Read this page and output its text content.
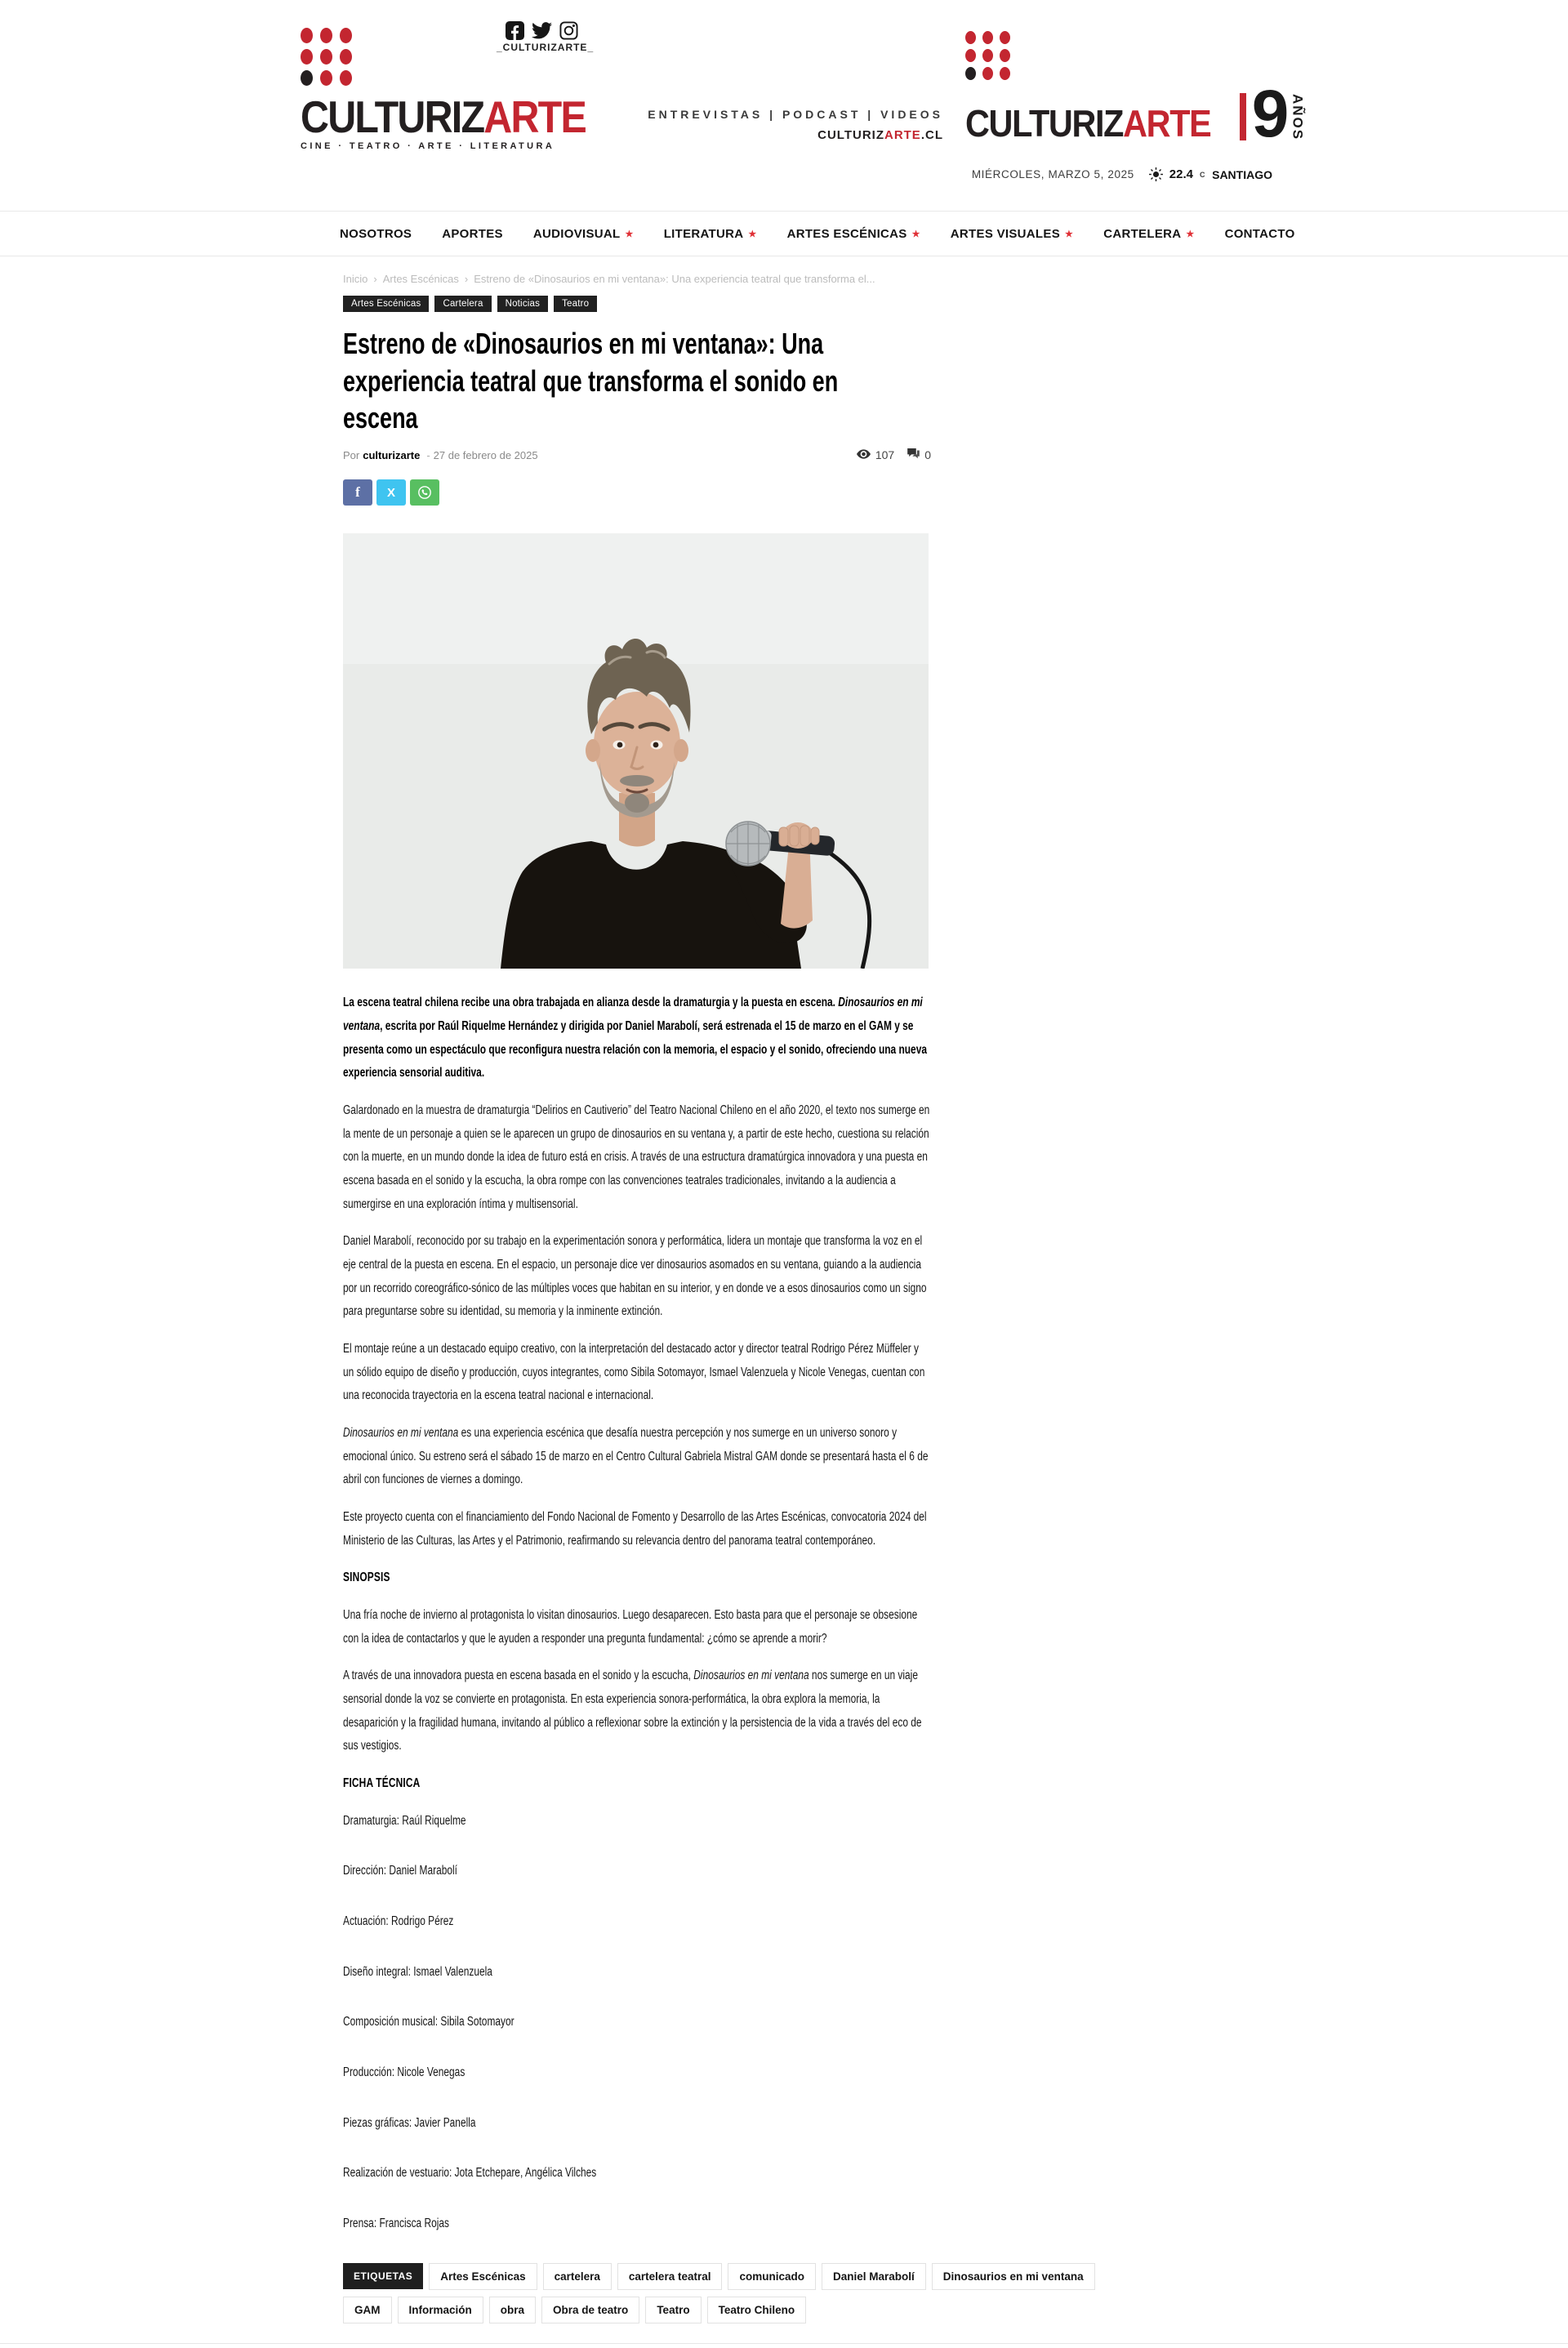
CULTURIZARTE
CINE · TEATRO · ARTE · LITERATURA
_CULTURIZARTE_
ENTREVISTAS | PODCAST | VIDEOS
CULTURIZARTE.CL CULTURIZARTE 9 AÑOS
MIÉRCOLES, MARZO 5, 2025	22.4 C SANTIAGO
NOSOTROS APORTES AUDIOVISUAL ★ LITERATURA ★ ARTES ESCÉNICAS ★ ARTES VISUALES ★ CARTELERA ★ CONTACTO
Inicio › Artes Escénicas › Estreno de «Dinosaurios en mi ventana»: Una experiencia teatral que transforma el...
Artes Escénicas	Cartelera	Noticias	Teatro
Estreno de «Dinosaurios en mi ventana»: Una experiencia teatral que transforma el sonido en escena
Por culturizarte - 27 de febrero de 2025	107	0
f X

La escena teatral chilena recibe una obra trabajada en alianza desde la dramaturgia y la puesta en escena. Dinosaurios en mi ventana, escrita por Raúl Riquelme Hernández y dirigida por Daniel Marabolí, será estrenada el 15 de marzo en el GAM y se presenta como un espectáculo que reconfigura nuestra relación con la memoria, el espacio y el sonido, ofreciendo una nueva experiencia sensorial auditiva.

Galardonado en la muestra de dramaturgia “Delirios en Cautiverio” del Teatro Nacional Chileno en el año 2020, el texto nos sumerge en la mente de un personaje a quien se le aparecen un grupo de dinosaurios en su ventana y, a partir de este hecho, cuestiona su relación con la muerte, en un mundo donde la idea de futuro está en crisis. A través de una estructura dramatúrgica innovadora y una puesta en escena basada en el sonido y la escucha, la obra rompe con las convenciones teatrales tradicionales, invitando a la audiencia a sumergirse en una exploración íntima y multisensorial.

Daniel Marabolí, reconocido por su trabajo en la experimentación sonora y performática, lidera un montaje que transforma la voz en el eje central de la puesta en escena. En el espacio, un personaje dice ver dinosaurios asomados en su ventana, guiando a la audiencia por un recorrido coreográfico-sónico de las múltiples voces que habitan en su interior, y en donde ve a esos dinosaurios como un signo para preguntarse sobre su identidad, su memoria y la inminente extinción.

El montaje reúne a un destacado equipo creativo, con la interpretación del destacado actor y director teatral Rodrigo Pérez Müffeler y un sólido equipo de diseño y producción, cuyos integrantes, como Sibila Sotomayor, Ismael Valenzuela y Nicole Venegas, cuentan con una reconocida trayectoria en la escena teatral nacional e internacional.

Dinosaurios en mi ventana es una experiencia escénica que desafía nuestra percepción y nos sumerge en un universo sonoro y emocional único. Su estreno será el sábado 15 de marzo en el Centro Cultural Gabriela Mistral GAM donde se presentará hasta el 6 de abril con funciones de viernes a domingo.

Este proyecto cuenta con el financiamiento del Fondo Nacional de Fomento y Desarrollo de las Artes Escénicas, convocatoria 2024 del Ministerio de las Culturas, las Artes y el Patrimonio, reafirmando su relevancia dentro del panorama teatral contemporáneo.

SINOPSIS

Una fría noche de invierno al protagonista lo visitan dinosaurios. Luego desaparecen. Esto basta para que el personaje se obsesione con la idea de contactarlos y que le ayuden a responder una pregunta fundamental: ¿cómo se aprende a morir?

A través de una innovadora puesta en escena basada en el sonido y la escucha, Dinosaurios en mi ventana nos sumerge en un viaje sensorial donde la voz se convierte en protagonista. En esta experiencia sonora-performática, la obra explora la memoria, la desaparición y la fragilidad humana, invitando al público a reflexionar sobre la extinción y la persistencia de la vida a través del eco de sus vestigios.

FICHA TÉCNICA

Dramaturgia: Raúl Riquelme

Dirección: Daniel Marabolí

Actuación: Rodrigo Pérez

Diseño integral: Ismael Valenzuela

Composición musical: Sibila Sotomayor

Producción: Nicole Venegas

Piezas gráficas: Javier Panella

Realización de vestuario: Jota Etchepare, Angélica Vilches

Prensa: Francisca Rojas

ETIQUETAS	Artes Escénicas	cartelera	cartelera teatral	comunicado	Daniel Marabolí	Dinosaurios en mi ventana
GAM	Información	obra	Obra de teatro	Teatro	Teatro Chileno
